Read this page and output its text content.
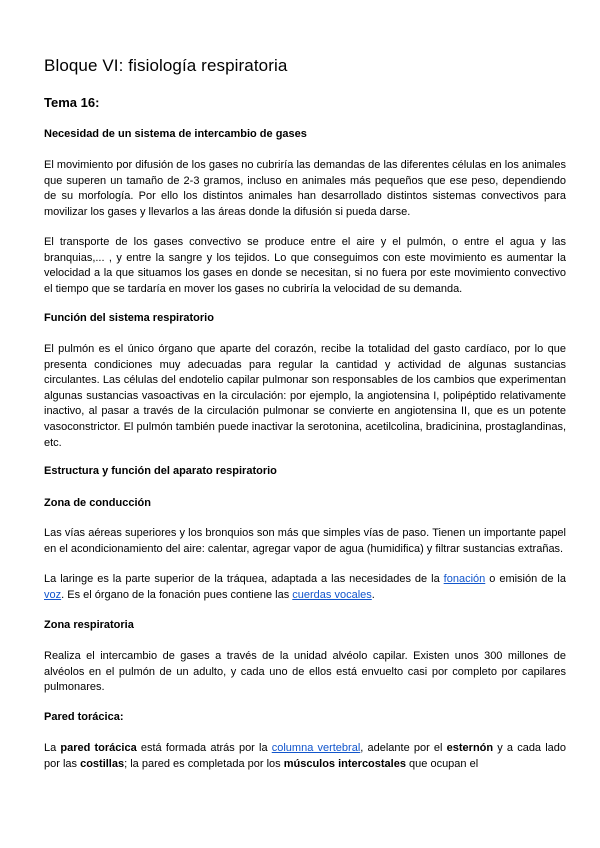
Bloque VI: fisiología respiratoria
Tema 16:
Necesidad de un sistema de intercambio de gases

El movimiento por difusión de los gases no cubriría las demandas de las diferentes células en los animales que superen un tamaño de 2-3 gramos, incluso en animales más pequeños que ese peso, dependiendo de su morfología. Por ello los distintos animales han desarrollado distintos sistemas convectivos para movilizar los gases y llevarlos a las áreas donde la difusión si pueda darse.

El transporte de los gases convectivo se produce entre el aire y el pulmón, o entre el agua y las branquias,... , y entre la sangre y los tejidos. Lo que conseguimos con este movimiento es aumentar la velocidad a la que situamos los gases en donde se necesitan, si no fuera por este movimiento convectivo el tiempo que se tardaría en mover los gases no cubriría la velocidad de su demanda.

Función del sistema respiratorio

El pulmón es el único órgano que aparte del corazón, recibe la totalidad del gasto cardíaco, por lo que presenta condiciones muy adecuadas para regular la cantidad y actividad de algunas sustancias circulantes. Las células del endotelio capilar pulmonar son responsables de los cambios que experimentan algunas sustancias vasoactivas en la circulación: por ejemplo, la angiotensina I, polipéptido relativamente inactivo, al pasar a través de la circulación pulmonar se convierte en angiotensina II, que es un potente vasoconstrictor. El pulmón también puede inactivar la serotonina, acetilcolina, bradicinina, prostaglandinas, etc.

Estructura y función del aparato respiratorio
Zona de conducción

Las vías aéreas superiores y los bronquios son más que simples vías de paso. Tienen un importante papel en el acondicionamiento del aire: calentar, agregar vapor de agua (humidifica) y filtrar sustancias extrañas.

La laringe es la parte superior de la tráquea, adaptada a las necesidades de la fonación o emisión de la voz. Es el órgano de la fonación pues contiene las cuerdas vocales.

Zona respiratoria

Realiza el intercambio de gases a través de la unidad alvéolo capilar. Existen unos 300 millones de alvéolos en el pulmón de un adulto, y cada uno de ellos está envuelto casi por completo por capilares pulmonares.

Pared torácica:

La pared torácica está formada atrás por la columna vertebral, adelante por el esternón y a cada lado por las costillas; la pared es completada por los músculos intercostales que ocupan el
